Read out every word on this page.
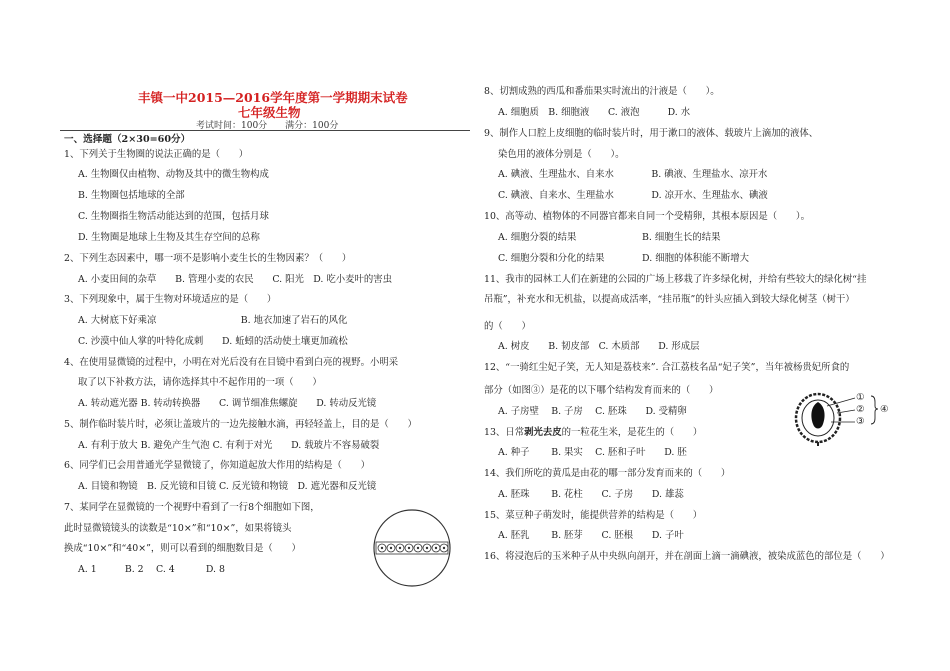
丰镇一中2015—2016学年度第一学期期末试卷
七年级生物
考试时间：100分　　满分：100分
一、选择题（2×30=60分）
1、下列关于生物圈的说法正确的是（　　）
A. 生物圈仅由植物、动物及其中的微生物构成
B. 生物圈包括地球的全部
C. 生物圈指生物活动能达到的范围，包括月球
D. 生物圈是地球上生物及其生存空间的总称
2、下列生态因素中，哪一项不是影响小麦生长的生物因素？（　　）
A. 小麦田间的杂草　　B. 管理小麦的农民　　C. 阳光　D. 吃小麦叶的害虫
3、下列现象中，属于生物对环境适应的是（　　）
A. 大树底下好乘凉　　　　　　　　　B. 地衣加速了岩石的风化
C. 沙漠中仙人掌的叶特化成刺　　D. 蚯蚓的活动使土壤更加疏松
4、在使用显微镜的过程中，小明在对光后没有在目镜中看到白亮的视野。小明采
取了以下补救方法，请你选择其中不起作用的一项（　　）
A. 转动遮光器 B. 转动转换器　　C. 调节细准焦螺旋　　D. 转动反光镜
5、制作临时装片时，必须让盖玻片的一边先接触水滴，再轻轻盖上，目的是（　　）
A. 有利于放大 B. 避免产生气泡 C. 有利于对光　　D. 载玻片不容易破裂
6、同学们已会用普通光学显微镜了，你知道起放大作用的结构是（　　）
A. 目镜和物镜　B. 反光镜和目镜 C. 反光镜和物镜　D. 遮光器和反光镜
7、某同学在显微镜的一个视野中看到了一行8个细胞如下图，
此时显微镜镜头的读数是“10×”和“10×”，如果将镜头
换成“10×”和“40×”，则可以看到的细胞数目是（　　）
A. 1　　　B. 2　 C. 4　　　 D. 8
8、切割成熟的西瓜和番茄果实时流出的汁液是（　　）。
A. 细胞质　B. 细胞液　　C. 液泡　　　D. 水
9、制作人口腔上皮细胞的临时装片时，用于漱口的液体、载玻片上滴加的液体、
染色用的液体分别是（　　）。
A. 碘液、生理盐水、自来水　　　　B. 碘液、生理盐水、凉开水
C. 碘液、自来水、生理盐水　　　　D. 凉开水、生理盐水、碘液
10、高等动、植物体的不同器官都来自同一个受精卵，其根本原因是（　　）。
A. 细胞分裂的结果　　　　　　　B. 细胞生长的结果
C. 细胞分裂和分化的结果　　　　D. 细胞的体积能不断增大
11、我市的园林工人们在新建的公园的广场上移栽了许多绿化树，并给有些较大的绿化树“挂
吊瓶”，补充水和无机盐，以提高成活率，“挂吊瓶”的针头应插入到较大绿化树茎（树干）
的（　　）
A. 树皮　　B. 韧皮部　C. 木质部　　D. 形成层
12、“一骑红尘妃子笑，无人知是荔枝来”. 合江荔枝名品“妃子笑”，当年被杨贵妃所食的
部分（如图③）是花的以下哪个结构发育而来的（　　）
A. 子房壁　 B. 子房　 C. 胚珠　　D. 受精卵
13、日常剥光去皮的一粒花生米，是花生的（　　）
A. 种子　　 B. 果实　 C. 胚和子叶　　D. 胚
14、我们所吃的黄瓜是由花的哪一部分发育而来的（　　）
A. 胚珠　　 B. 花柱　　C. 子房　　D. 雄蕊
15、菜豆种子萌发时，能提供营养的结构是（　　）
A. 胚乳　　 B. 胚芽　　C. 胚根　　D. 子叶
16、将浸泡后的玉米种子从中央纵向剖开，并在剖面上滴一滴碘液，被染成蓝色的部位是（　　）
①
②
③
④
